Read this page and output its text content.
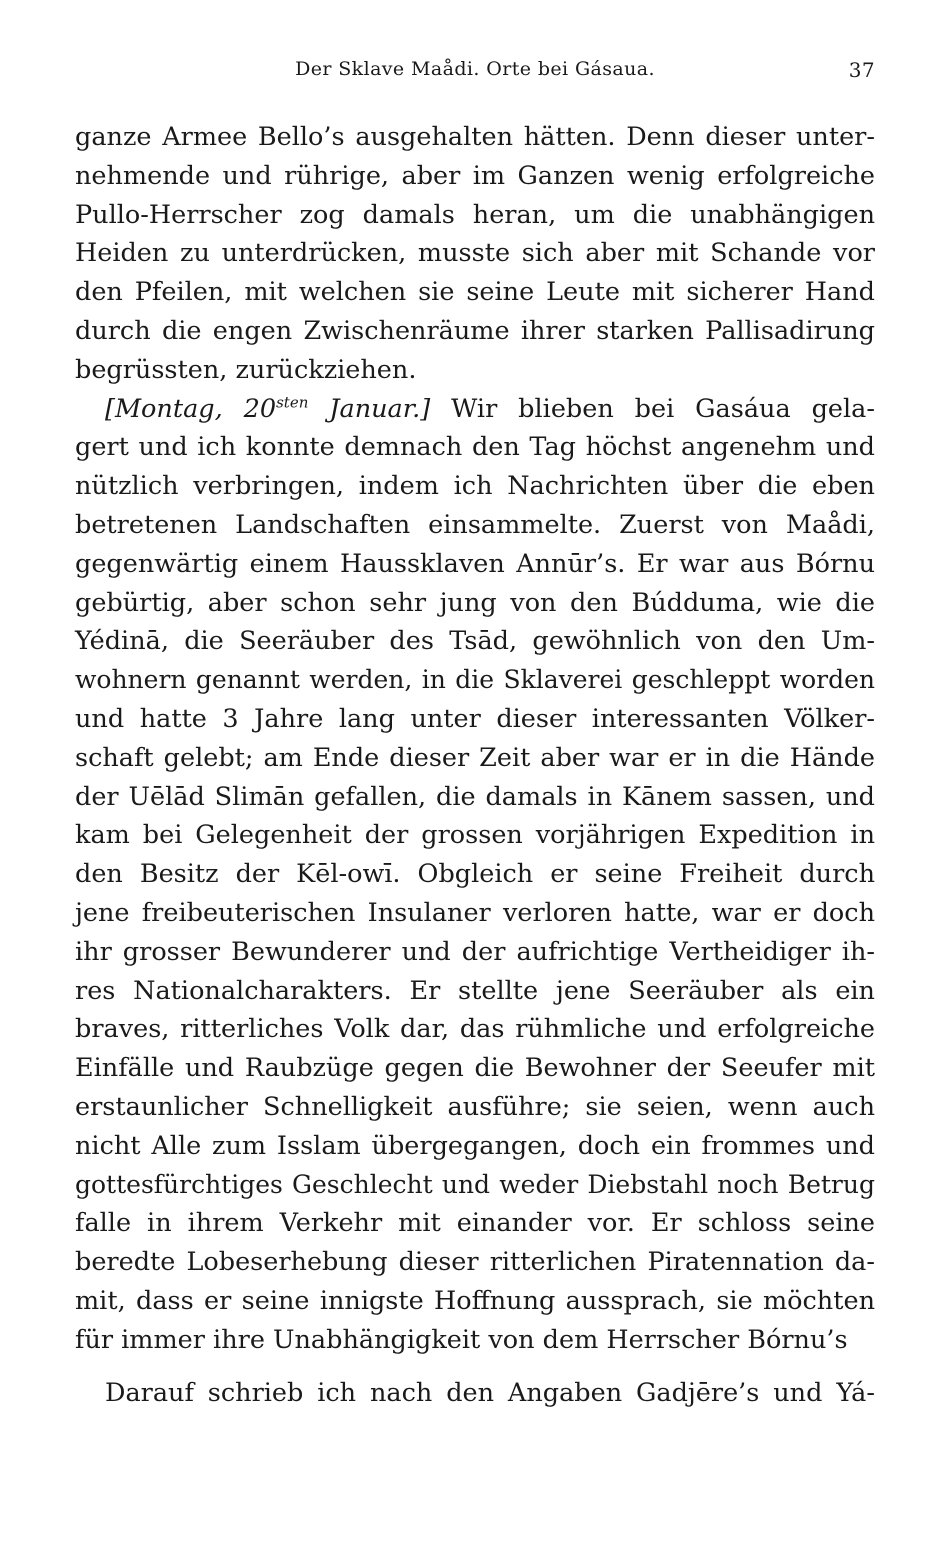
Der Sklave Maådi. Orte bei Gásaua.	37
ganze Armee Bello’s ausgehalten hätten. Denn dieser unter-
nehmende und rührige, aber im Ganzen wenig erfolgreiche
Pullo-Herrscher zog damals heran, um die unabhängigen
Heiden zu unterdrücken, musste sich aber mit Schande vor
den Pfeilen, mit welchen sie seine Leute mit sicherer Hand
durch die engen Zwischenräume ihrer starken Pallisadirung
begrüssten, zurückziehen.
[Montag, $20^{sten}$ Januar.] Wir blieben bei Gasáua gela-
gert und ich konnte demnach den Tag höchst angenehm und
nützlich verbringen, indem ich Nachrichten über die eben
betretenen Landschaften einsammelte. Zuerst von Maådi,
gegenwärtig einem Haussklaven Annūr’s. Er war aus Bórnu
gebürtig, aber schon sehr jung von den Búdduma, wie die
Yédinā, die Seeräuber des Tsād, gewöhnlich von den Um-
wohnern genannt werden, in die Sklaverei geschleppt worden
und hatte 3 Jahre lang unter dieser interessanten Völker-
schaft gelebt; am Ende dieser Zeit aber war er in die Hände
der Uēlād Slimān gefallen, die damals in Kānem sassen, und
kam bei Gelegenheit der grossen vorjährigen Expedition in
den Besitz der Kēl-owī. Obgleich er seine Freiheit durch
jene freibeuterischen Insulaner verloren hatte, war er doch
ihr grosser Bewunderer und der aufrichtige Vertheidiger ih-
res Nationalcharakters. Er stellte jene Seeräuber als ein
braves, ritterliches Volk dar, das rühmliche und erfolgreiche
Einfälle und Raubzüge gegen die Bewohner der Seeufer mit
erstaunlicher Schnelligkeit ausführe; sie seien, wenn auch
nicht Alle zum Isslam übergegangen, doch ein frommes und
gottesfürchtiges Geschlecht und weder Diebstahl noch Betrug
falle in ihrem Verkehr mit einander vor. Er schloss seine
beredte Lobeserhebung dieser ritterlichen Piratennation da-
mit, dass er seine innigste Hoffnung aussprach, sie möchten
für immer ihre Unabhängigkeit von dem Herrscher Bórnu’s
Darauf schrieb ich nach den Angaben Gadjēre’s und Yá-
